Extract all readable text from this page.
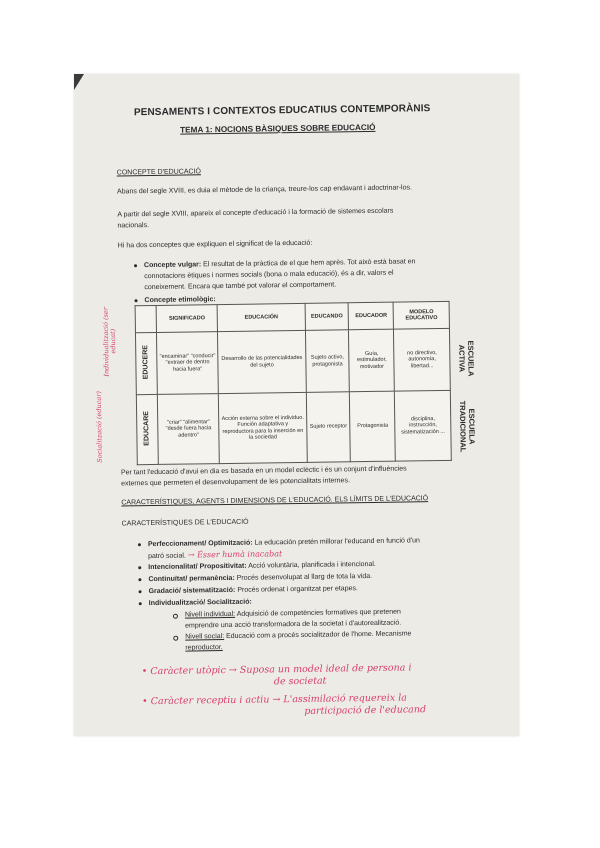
PENSAMENTS I CONTEXTOS EDUCATIUS CONTEMPORÀNIS
TEMA 1: NOCIONS BÀSIQUES SOBRE EDUCACIÓ
CONCEPTE D'EDUCACIÓ
Abans del segle XVIII, es duia el mètode de la criança, treure-los cap endavant i adoctrinar-los.
A partir del segle XVIII, apareix el concepte d'educació i la formació de sistemes escolars
nacionals.
Hi ha dos conceptes que expliquen el significat de la educació:
Concepte vulgar: El resultat de la pràctica de el que hem après. Tot això està basat en
connotacions ètiques i normes socials (bona o mala educació), és a dir, valors el
coneixement. Encara que també pot valorar el comportament.
Concepte etimològic:
Individualització (ser educat)
Socialització (educar)
	SIGNIFICADO	EDUCACIÓN	EDUCANDO	EDUCADOR	MODELO EDUCATIVO
EDUCERE	"encaminar" "conducir" "extraer de dentro hacia fuera"	Desarrollo de las potencialidades del sujeto	Sujeto activo, protagonista	Guía, estimulador, motivador	no directivo, autonomía, libertad...
EDUCARE	"criar" "alimentar" "desde fuera hacia adentro"	Acción externa sobre el individuo. Función adaptativa y reproductora para la inserción en la sociedad	Sujeto receptor	Protagonista	disciplina, instrucción, sistematización ...
ESCUELA ACTIVA
ESCUELA TRADICIONAL
Per tant l'educació d'avui en dia es basada en un model eclèctic i és un conjunt d'influències
externes que permeten el desenvolupament de les potencialitats internes.
CARACTERÍSTIQUES, AGENTS I DIMENSIONS DE L'EDUCACIÓ. ELS LÍMITS DE L'EDUCACIÓ
CARACTERÍSTIQUES DE L'EDUCACIÓ
Perfeccionament/ Optimització: La educación pretén millorar l'educand en funció d'un
patró social. → Ésser humà inacabat
Intencionalitat/ Propositivitat: Acció voluntària, planificada i intencional.
Continuïtat/ permanència: Procés desenvolupat al llarg de tota la vida.
Gradació/ sistematització: Procés ordenat i organitzat per etapes.
Individualització/ Socialització:
Nivell individual: Adquisició de competències formatives que pretenen
emprendre una acció transformadora de la societat i d'autorealització.
Nivell social: Educació com a procés socialitzador de l'home. Mecanisme
reproductor.
• Caràcter utòpic → Suposa un model ideal de persona i
de societat
• Caràcter receptiu i actiu → L'assimilació requereix la
participació de l'educand
